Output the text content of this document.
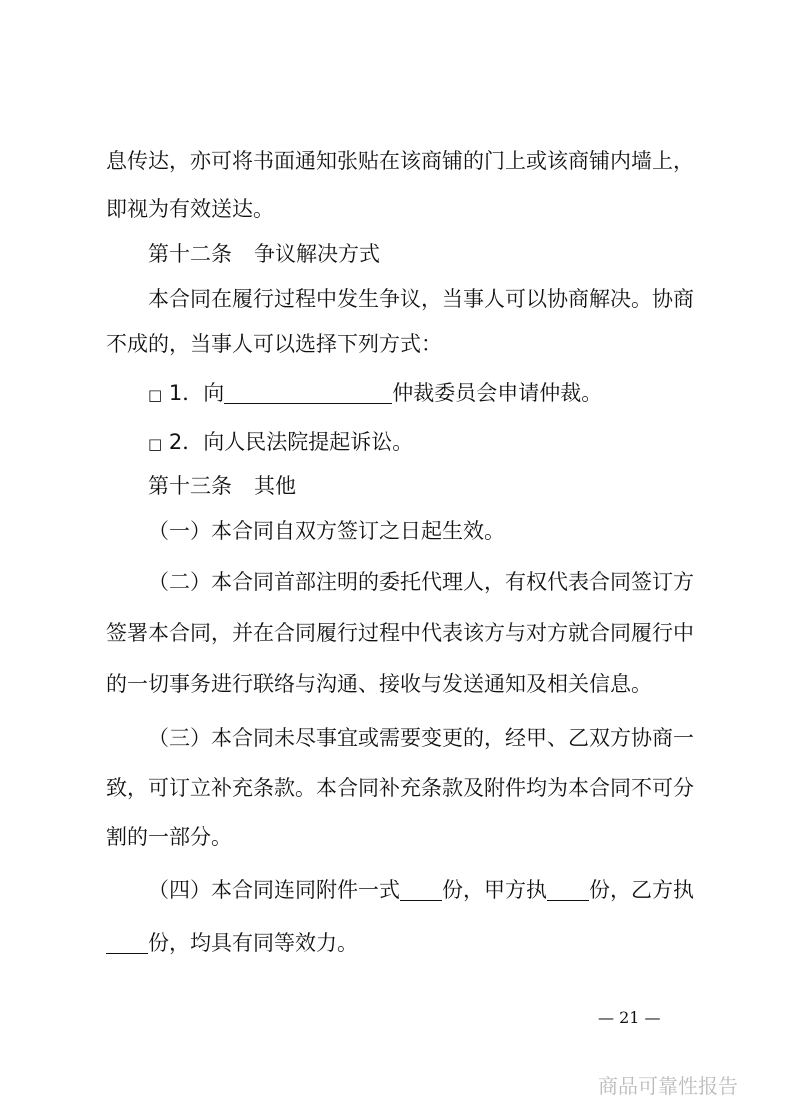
息传达，亦可将书面通知张贴在该商铺的门上或该商铺内墙上，
即视为有效送达。
第十二条 争议解决方式
本合同在履行过程中发生争议，当事人可以协商解决。协商
不成的，当事人可以选择下列方式：
□ 1．向	仲裁委员会申请仲裁。
□ 2．向人民法院提起诉讼。
第十三条 其他
（一）本合同自双方签订之日起生效。
（二）本合同首部注明的委托代理人，有权代表合同签订方
签署本合同，并在合同履行过程中代表该方与对方就合同履行中
的一切事务进行联络与沟通、接收与发送通知及相关信息。
（三）本合同未尽事宜或需要变更的，经甲、乙双方协商一
致，可订立补充条款。本合同补充条款及附件均为本合同不可分
割的一部分。
（四）本合同连同附件一式 份，甲方执 份，乙方执
份，均具有同等效力。
— 21 —
商品可靠性报告
